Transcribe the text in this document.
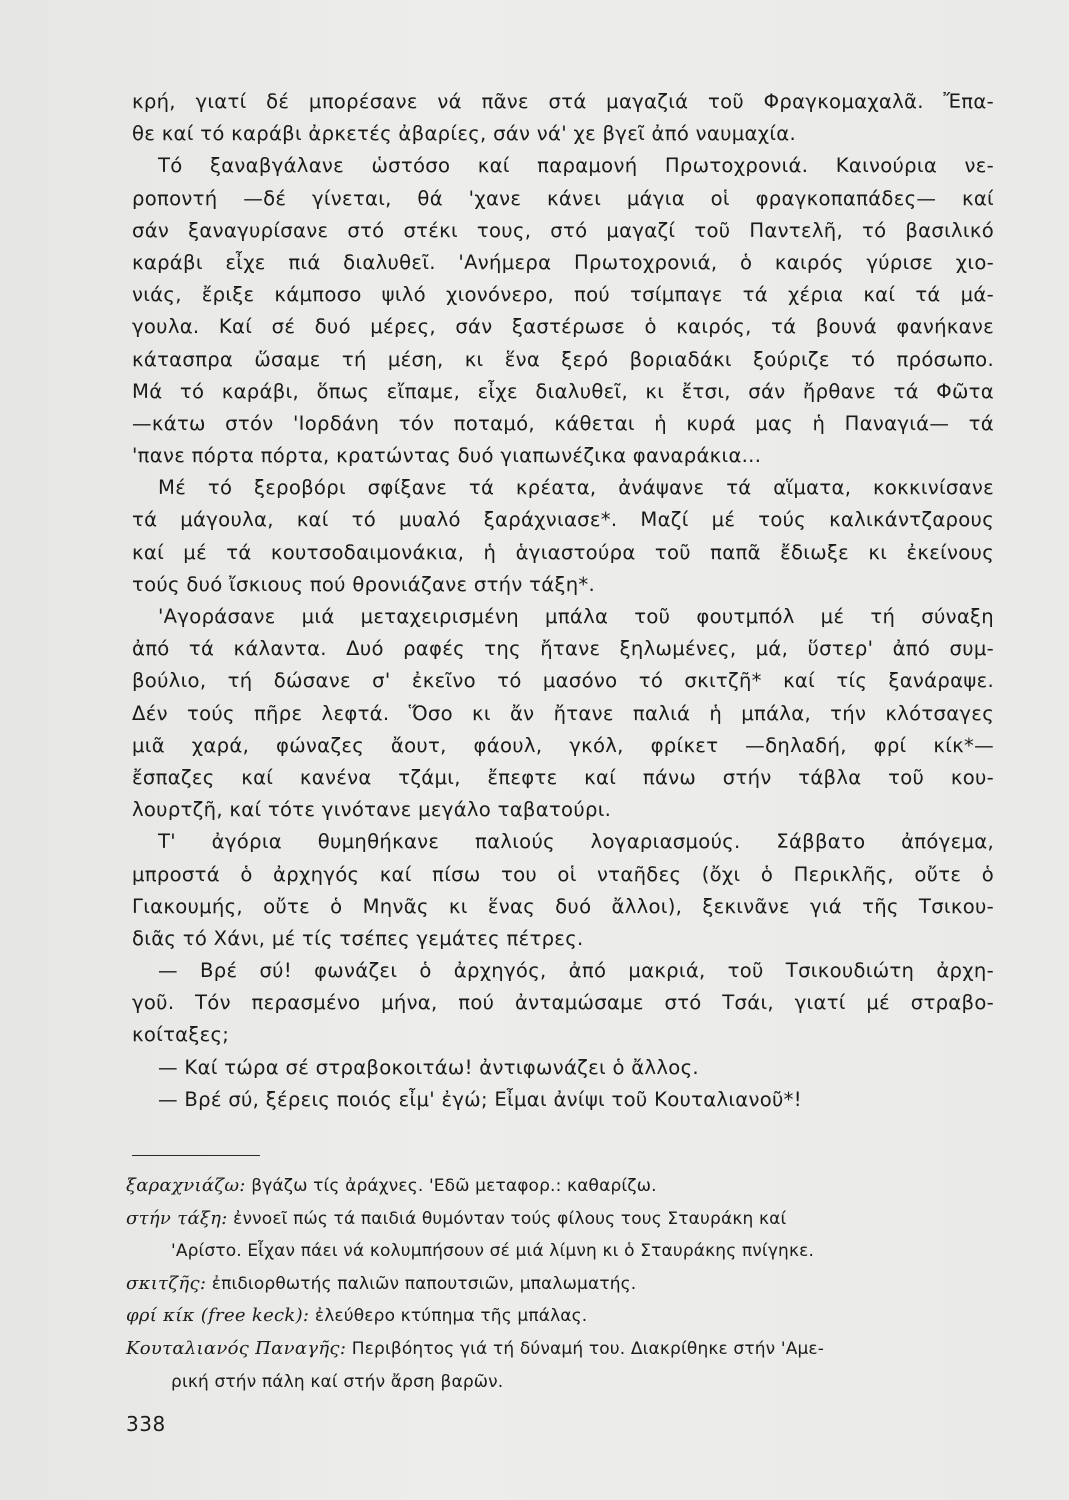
κρή, γιατί δέ μπορέσανε νά πᾶνε στά μαγαζιά τοῦ Φραγκομαχαλᾶ. Ἔπα-
θε καί τό καράβι ἀρκετές ἀβαρίες, σάν νά' χε βγεῖ ἀπό ναυμαχία.
Τό ξαναβγάλανε ὡστόσο καί παραμονή Πρωτοχρονιά. Καινούρια νε-
ροποντή —δέ γίνεται, θά 'χανε κάνει μάγια οἱ φραγκοπαπάδες— καί
σάν ξαναγυρίσανε στό στέκι τους, στό μαγαζί τοῦ Παντελῆ, τό βασιλικό
καράβι εἶχε πιά διαλυθεῖ. 'Ανήμερα Πρωτοχρονιά, ὁ καιρός γύρισε χιο-
νιάς, ἔριξε κάμποσο ψιλό χιονόνερο, πού τσίμπαγε τά χέρια καί τά μά-
γουλα. Καί σέ δυό μέρες, σάν ξαστέρωσε ὁ καιρός, τά βουνά φανήκανε
κάτασπρα ὥσαμε τή μέση, κι ἕνα ξερό βοριαδάκι ξούριζε τό πρόσωπο.
Μά τό καράβι, ὅπως εἴπαμε, εἶχε διαλυθεῖ, κι ἔτσι, σάν ἤρθανε τά Φῶτα
—κάτω στόν 'Ιορδάνη τόν ποταμό, κάθεται ἡ κυρά μας ἡ Παναγιά— τά
'πανε πόρτα πόρτα, κρατώντας δυό γιαπωνέζικα φαναράκια...
Μέ τό ξεροβόρι σφίξανε τά κρέατα, ἀνάψανε τά αἵματα, κοκκινίσανε
τά μάγουλα, καί τό μυαλό ξαράχνιασε*. Μαζί μέ τούς καλικάντζαρους
καί μέ τά κουτσοδαιμονάκια, ἡ ἁγιαστούρα τοῦ παπᾶ ἔδιωξε κι ἐκείνους
τούς δυό ἴσκιους πού θρονιάζανε στήν τάξη*.
'Αγοράσανε μιά μεταχειρισμένη μπάλα τοῦ φουτμπόλ μέ τή σύναξη
ἀπό τά κάλαντα. Δυό ραφές της ἤτανε ξηλωμένες, μά, ὕστερ' ἀπό συμ-
βούλιο, τή δώσανε σ' ἐκεῖνο τό μασόνο τό σκιτζῆ* καί τίς ξανάραψε.
Δέν τούς πῆρε λεφτά. Ὅσο κι ἄν ἤτανε παλιά ἡ μπάλα, τήν κλότσαγες
μιᾶ χαρά, φώναζες ἄουτ, φάουλ, γκόλ, φρίκετ —δηλαδή, φρί κίκ*—
ἔσπαζες καί κανένα τζάμι, ἔπεφτε καί πάνω στήν τάβλα τοῦ κου-
λουρτζῆ, καί τότε γινότανε μεγάλο ταβατούρι.
Τ' ἀγόρια θυμηθήκανε παλιούς λογαριασμούς. Σάββατο ἀπόγεμα,
μπροστά ὁ ἀρχηγός καί πίσω του οἱ νταῆδες (ὄχι ὁ Περικλῆς, οὔτε ὁ
Γιακουμής, οὔτε ὁ Μηνᾶς κι ἕνας δυό ἄλλοι), ξεκινᾶνε γιά τῆς Τσικου-
διᾶς τό Χάνι, μέ τίς τσέπες γεμάτες πέτρες.
— Βρέ σύ! φωνάζει ὁ ἀρχηγός, ἀπό μακριά, τοῦ Τσικουδιώτη ἀρχη-
γοῦ. Τόν περασμένο μήνα, πού ἀνταμώσαμε στό Τσάι, γιατί μέ στραβο-
κοίταξες;
— Καί τώρα σέ στραβοκοιτάω! ἀντιφωνάζει ὁ ἄλλος.
— Βρέ σύ, ξέρεις ποιός εἶμ' ἐγώ; Εἶμαι ἀνίψι τοῦ Κουταλιανοῦ*!
ξαραχνιάζω: βγάζω τίς ἀράχνες. 'Εδῶ μεταφορ.: καθαρίζω.
στήν τάξη: ἐννοεῖ πώς τά παιδιά θυμόνταν τούς φίλους τους Σταυράκη καί
'Αρίστο. Εἶχαν πάει νά κολυμπήσουν σέ μιά λίμνη κι ὁ Σταυράκης πνίγηκε.
σκιτζῆς: ἐπιδιορθωτής παλιῶν παπουτσιῶν, μπαλωματής.
φρί κίκ (free keck): ἐλεύθερο κτύπημα τῆς μπάλας.
Κουταλιανός Παναγῆς: Περιβόητος γιά τή δύναμή του. Διακρίθηκε στήν 'Αμε-
ρική στήν πάλη καί στήν ἄρση βαρῶν.
338
